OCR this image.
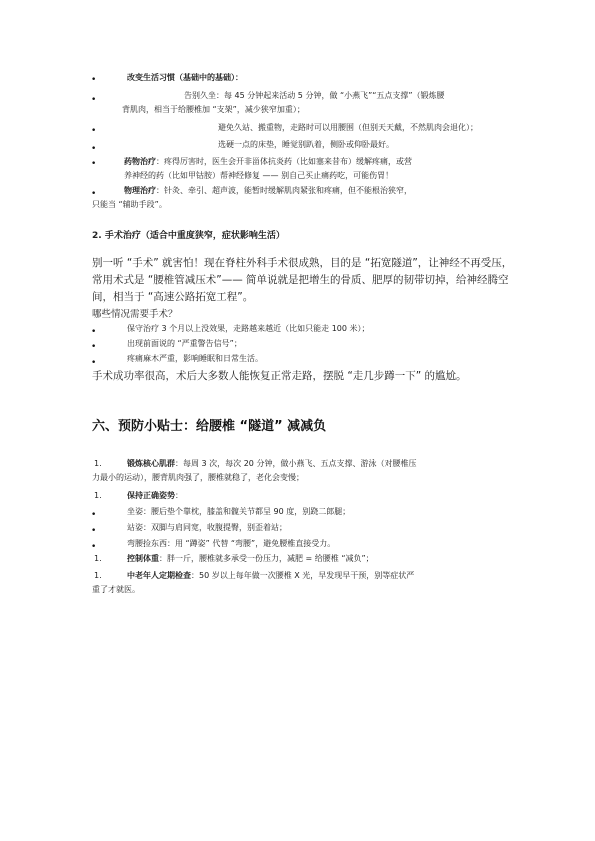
•	改变生活习惯（基础中的基础）：
•	告别久坐：每 45 分钟起来活动 5 分钟，做 “小燕飞”“五点支撑”（锻炼腰
背肌肉，相当于给腰椎加 “支架”，减少狭窄加重）；
•	避免久站、搬重物，走路时可以用腰围（但别天天戴，不然肌肉会退化）；
•	选硬一点的床垫，睡觉别趴着，侧卧或仰卧最好。
•	药物治疗：疼得厉害时，医生会开非甾体抗炎药（比如塞来昔布）缓解疼痛，或营
养神经的药（比如甲钴胺）帮神经修复 —— 别自己买止痛药吃，可能伤胃！
•	物理治疗：针灸、牵引、超声波，能暂时缓解肌肉紧张和疼痛，但不能根治狭窄，
只能当 “辅助手段”。
2. 手术治疗（适合中重度狭窄，症状影响生活）
别一听 “手术” 就害怕！现在脊柱外科手术很成熟，目的是 “拓宽隧道”，让神经不再受压，常用术式是 “腰椎管减压术”—— 简单说就是把增生的骨质、肥厚的韧带切掉，给神经腾空间，相当于 “高速公路拓宽工程”。
哪些情况需要手术？
•	保守治疗 3 个月以上没效果，走路越来越近（比如只能走 100 米）；
•	出现前面说的 “严重警告信号”；
•	疼痛麻木严重，影响睡眠和日常生活。
手术成功率很高，术后大多数人能恢复正常走路，摆脱 “走几步蹲一下” 的尴尬。
六、预防小贴士：给腰椎 “隧道” 减减负
1.	锻炼核心肌群：每周 3 次，每次 20 分钟，做小燕飞、五点支撑、游泳（对腰椎压
力最小的运动），腰背肌肉强了，腰椎就稳了，老化会变慢；
1.	保持正确姿势：
•	坐姿：腰后垫个靠枕，膝盖和髋关节都呈 90 度，别跷二郎腿；
•	站姿：双脚与肩同宽，收腹提臀，别歪着站；
•	弯腰捡东西：用 “蹲姿” 代替 “弯腰”，避免腰椎直接受力。
1.	控制体重：胖一斤，腰椎就多承受一份压力，减肥 = 给腰椎 “减负”；
1.	中老年人定期检查：50 岁以上每年做一次腰椎 X 光，早发现早干预，别等症状严
重了才就医。
